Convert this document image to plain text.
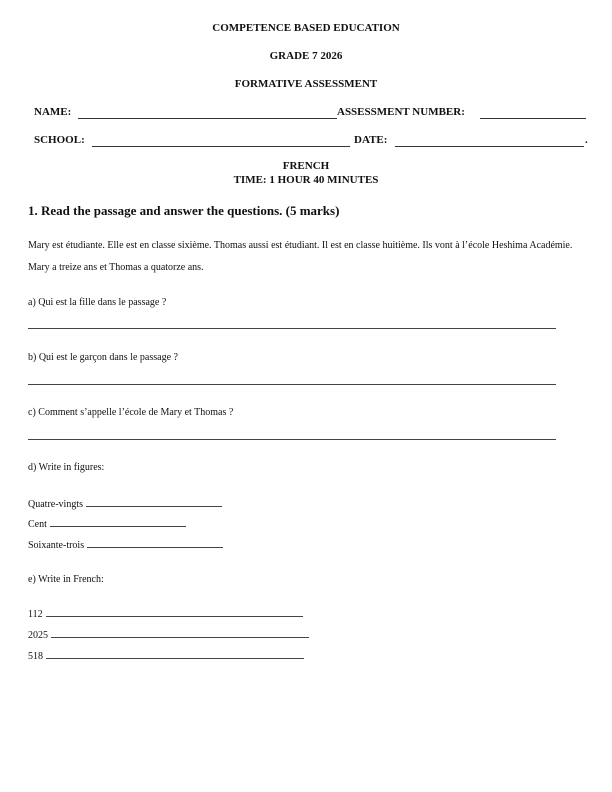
COMPETENCE BASED EDUCATION
GRADE 7 2026
FORMATIVE ASSESSMENT
NAME:	ASSESSMENT NUMBER:
SCHOOL:	DATE:	.
FRENCH
TIME: 1 HOUR 40 MINUTES
1. Read the passage and answer the questions. (5 marks)
Mary est étudiante. Elle est en classe sixième. Thomas aussi est étudiant. Il est en classe huitième. Ils vont à l’école Heshima Académie. Mary a treize ans et Thomas a quatorze ans.
a) Qui est la fille dans le passage ?
b) Qui est le garçon dans le passage ?
c) Comment s’appelle l’école de Mary et Thomas ?
d) Write in figures:
Quatre-vingts
Cent
Soixante-trois
e) Write in French:
112
2025
518
